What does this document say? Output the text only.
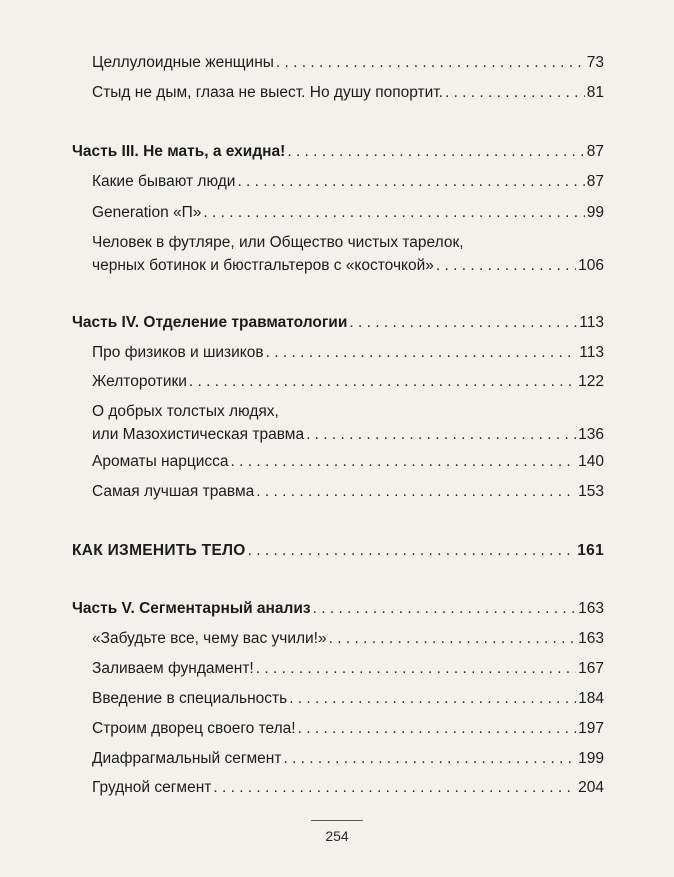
Целлулоидные женщины . . .	73
Стыд не дым, глаза не выест. Но душу попортит. . . .	81
Часть III. Не мать, а ехидна! . . .	87
Какие бывают люди . . .	87
Generation «П» . . .	99
Человек в футляре, или Общество чистых тарелок,
черных ботинок и бюстгальтеров с «косточкой» . . .	106
Часть IV. Отделение травматологии . . .	113
Про физиков и шизиков . . .	113
Желторотики . . .	122
О добрых толстых людях,
или Мазохистическая травма . . .	136
Ароматы нарцисса . . .	140
Самая лучшая травма . . .	153
КАК ИЗМЕНИТЬ ТЕЛО . . .	161
Часть V. Сегментарный анализ . . .	163
«Забудьте все, чему вас учили!» . . .	163
Заливаем фундамент! . . .	167
Введение в специальность . . .	184
Строим дворец своего тела! . . .	197
Диафрагмальный сегмент . . .	199
Грудной сегмент . . .	204
254
